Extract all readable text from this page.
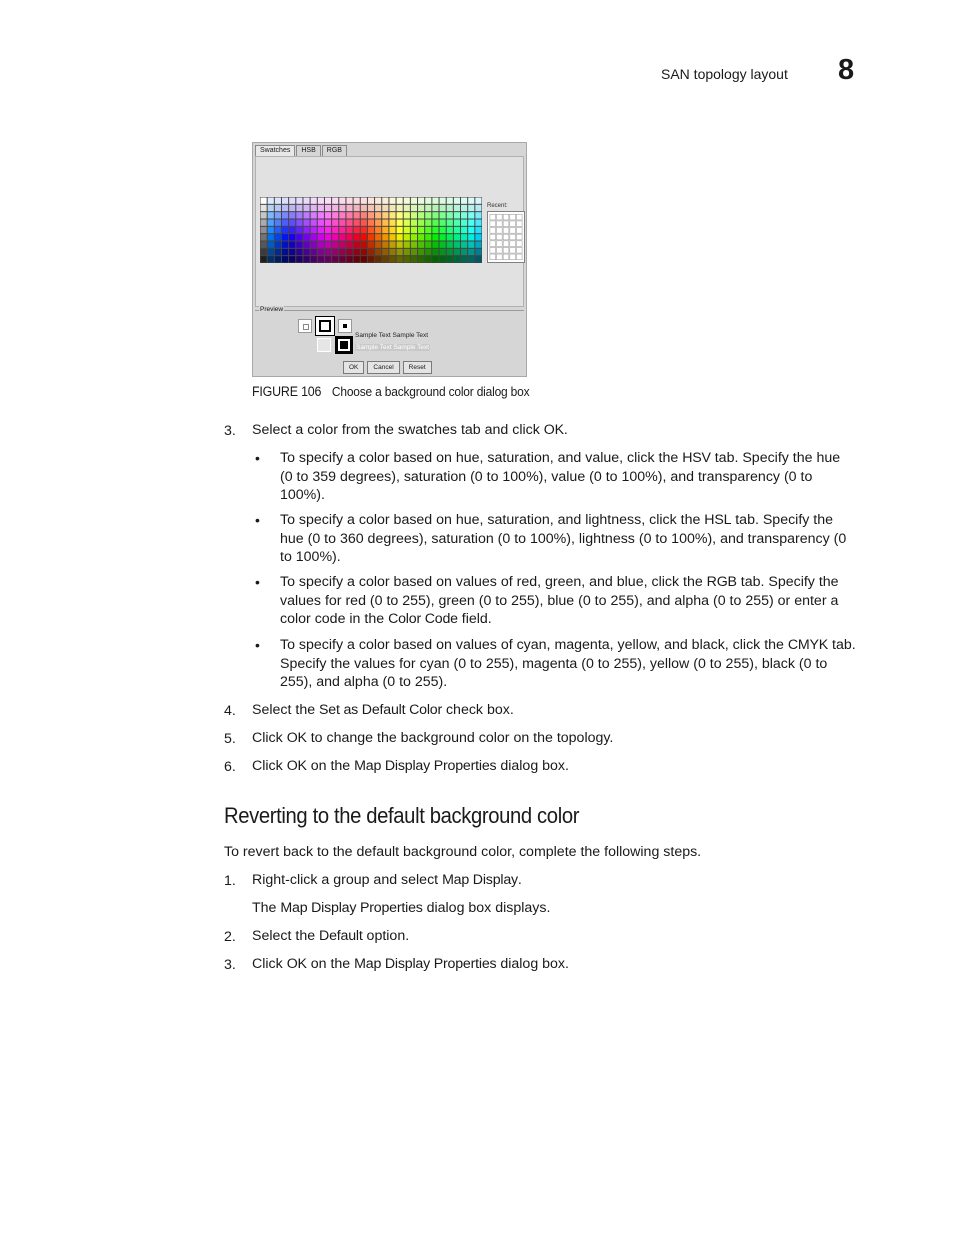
SAN topology layout 8
Swatches	HSB	RGB
Recent:
Preview
Sample Text Sample Text
Sample Text Sample Text
OK	Cancel	Reset
FIGURE 106 Choose a background color dialog box
3. Select a color from the swatches tab and click OK.
• To specify a color based on hue, saturation, and value, click the HSV tab. Specify the hue
(0 to 359 degrees), saturation (0 to 100%), value (0 to 100%), and transparency (0 to
100%).
• To specify a color based on hue, saturation, and lightness, click the HSL tab. Specify the
hue (0 to 360 degrees), saturation (0 to 100%), lightness (0 to 100%), and transparency (0
to 100%).
• To specify a color based on values of red, green, and blue, click the RGB tab. Specify the
values for red (0 to 255), green (0 to 255), blue (0 to 255), and alpha (0 to 255) or enter a
color code in the Color Code field.
• To specify a color based on values of cyan, magenta, yellow, and black, click the CMYK tab.
Specify the values for cyan (0 to 255), magenta (0 to 255), yellow (0 to 255), black (0 to
255), and alpha (0 to 255).
4. Select the Set as Default Color check box.
5. Click OK to change the background color on the topology.
6. Click OK on the Map Display Properties dialog box.
Reverting to the default background color
To revert back to the default background color, complete the following steps.
1. Right-click a group and select Map Display.
The Map Display Properties dialog box displays.
2. Select the Default option.
3. Click OK on the Map Display Properties dialog box.
